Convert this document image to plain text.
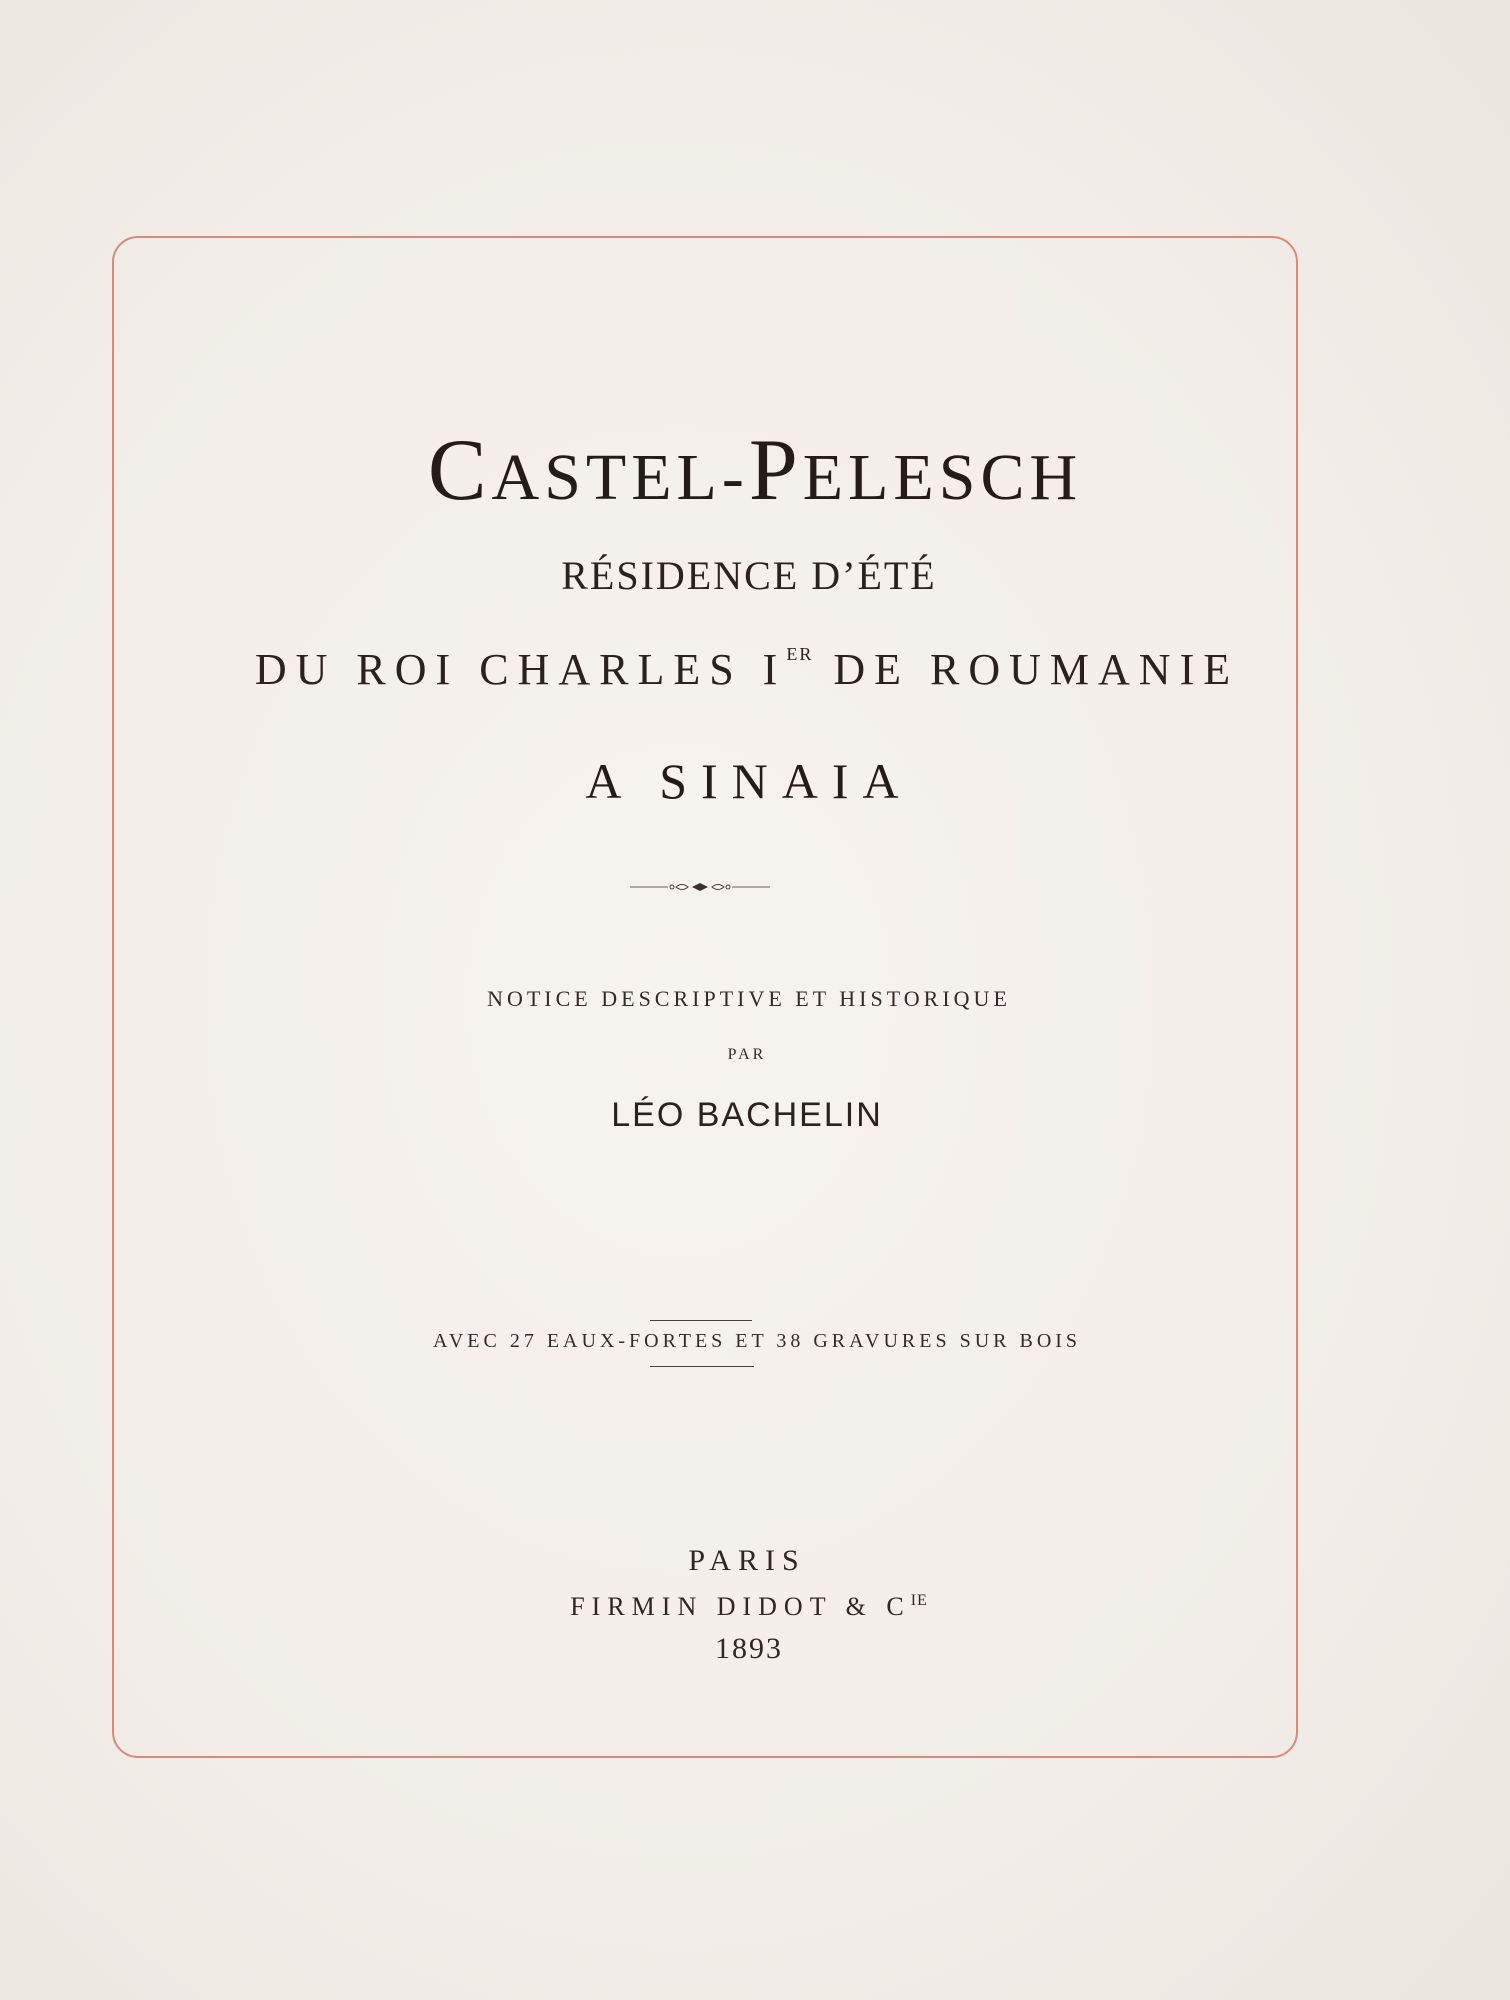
CASTEL-PELESCH
RÉSIDENCE D’ÉTÉ
DU ROI CHARLES IER DE ROUMANIE
A SINAIA
NOTICE DESCRIPTIVE ET HISTORIQUE
PAR
LÉO BACHELIN
AVEC 27 EAUX-FORTES ET 38 GRAVURES SUR BOIS
PARIS
FIRMIN DIDOT & $C^{IE}$
1893
